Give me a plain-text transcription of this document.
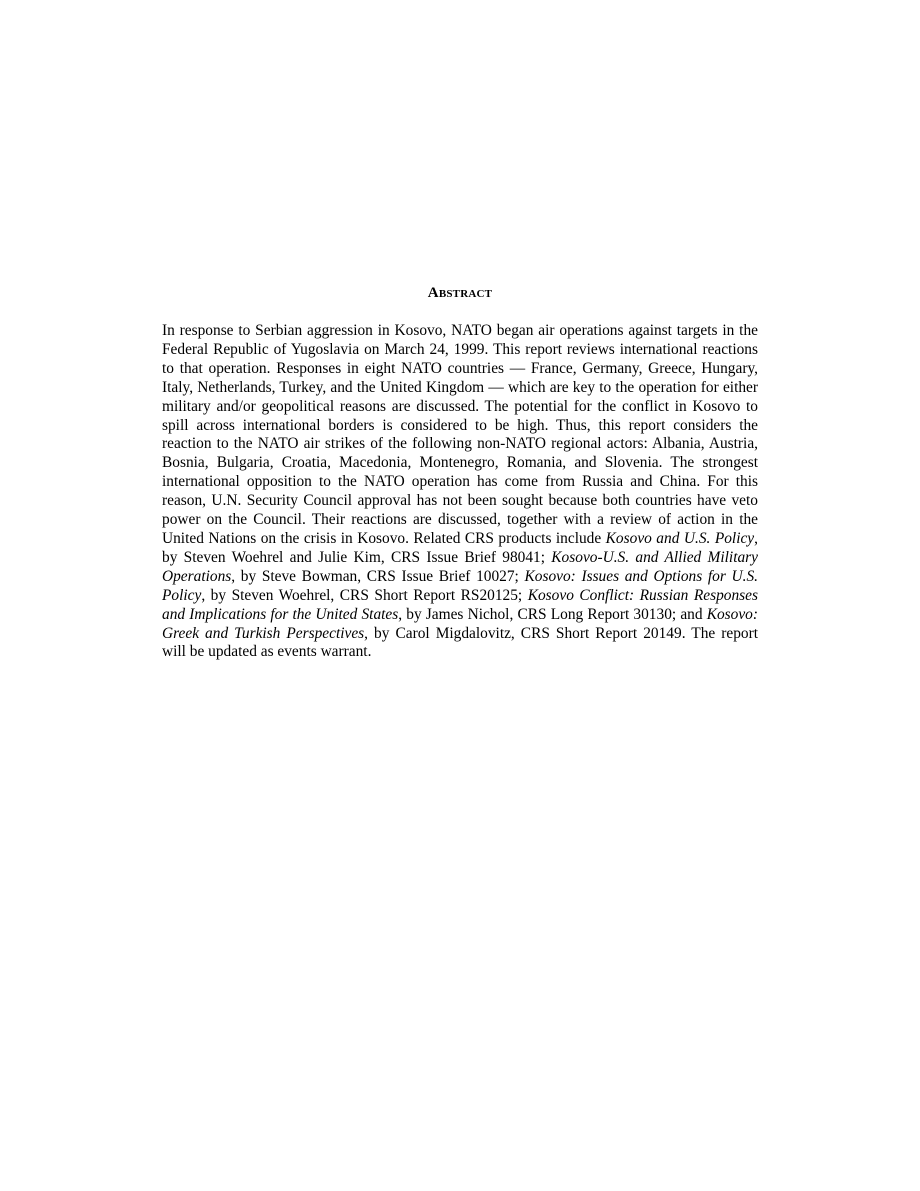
Abstract

In response to Serbian aggression in Kosovo, NATO began air operations against targets in the Federal Republic of Yugoslavia on March 24, 1999. This report reviews international reactions to that operation. Responses in eight NATO countries — France, Germany, Greece, Hungary, Italy, Netherlands, Turkey, and the United Kingdom — which are key to the operation for either military and/or geopolitical reasons are discussed. The potential for the conflict in Kosovo to spill across international borders is considered to be high. Thus, this report considers the reaction to the NATO air strikes of the following non-NATO regional actors: Albania, Austria, Bosnia, Bulgaria, Croatia, Macedonia, Montenegro, Romania, and Slovenia. The strongest international opposition to the NATO operation has come from Russia and China. For this reason, U.N. Security Council approval has not been sought because both countries have veto power on the Council. Their reactions are discussed, together with a review of action in the United Nations on the crisis in Kosovo. Related CRS products include Kosovo and U.S. Policy, by Steven Woehrel and Julie Kim, CRS Issue Brief 98041; Kosovo-U.S. and Allied Military Operations, by Steve Bowman, CRS Issue Brief 10027; Kosovo: Issues and Options for U.S. Policy, by Steven Woehrel, CRS Short Report RS20125; Kosovo Conflict: Russian Responses and Implications for the United States, by James Nichol, CRS Long Report 30130; and Kosovo: Greek and Turkish Perspectives, by Carol Migdalovitz, CRS Short Report 20149. The report will be updated as events warrant.
